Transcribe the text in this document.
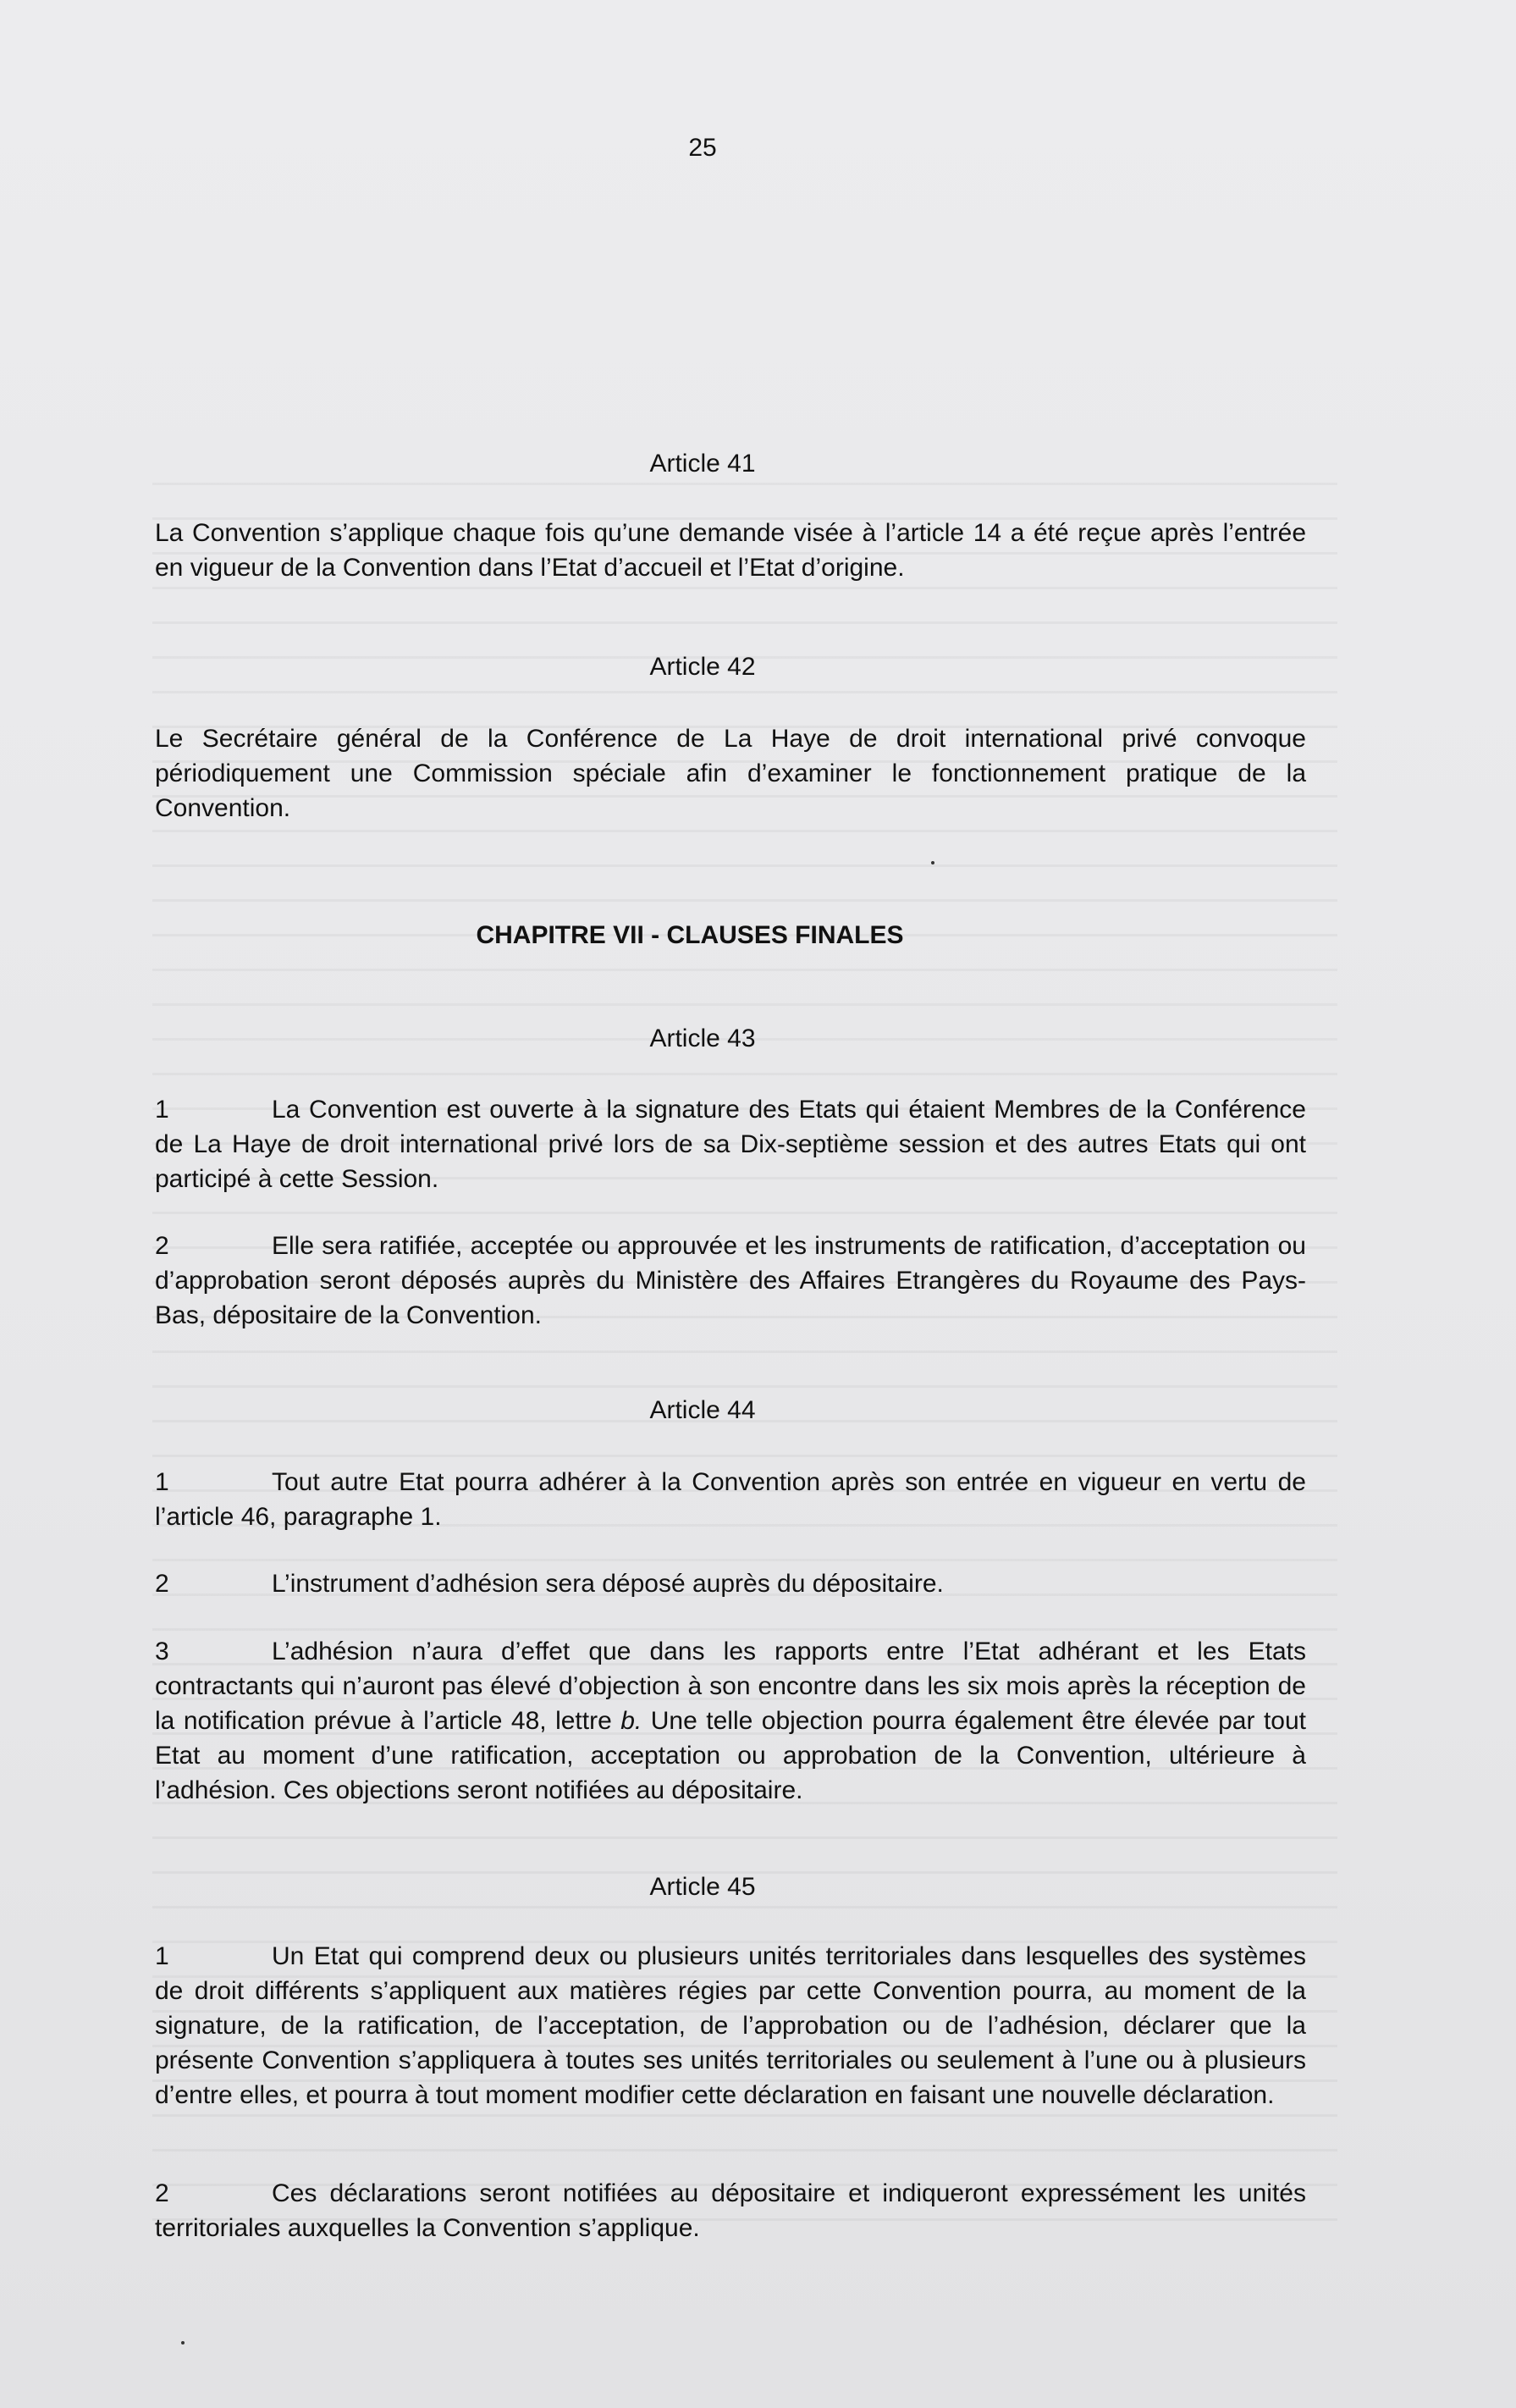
25
Article 41
La Convention s’applique chaque fois qu’une demande visée à l’article 14 a été reçue après l’entrée en vigueur de la Convention dans l’Etat d’accueil et l’Etat d’origine.
Article 42
Le Secrétaire général de la Conférence de La Haye de droit international privé convoque périodiquement une Commission spéciale afin d’examiner le fonctionnement pratique de la Convention.
CHAPITRE VII - CLAUSES FINALES
Article 43
1	La Convention est ouverte à la signature des Etats qui étaient Membres de la Conférence de La Haye de droit international privé lors de sa Dix-septième session et des autres Etats qui ont participé à cette Session.
2	Elle sera ratifiée, acceptée ou approuvée et les instruments de ratification, d’acceptation ou d’approbation seront déposés auprès du Ministère des Affaires Etrangères du Royaume des Pays-Bas, dépositaire de la Convention.
Article 44
1	Tout autre Etat pourra adhérer à la Convention après son entrée en vigueur en vertu de l’article 46, paragraphe 1.
2	L’instrument d’adhésion sera déposé auprès du dépositaire.
3	L’adhésion n’aura d’effet que dans les rapports entre l’Etat adhérant et les Etats contractants qui n’auront pas élevé d’objection à son encontre dans les six mois après la réception de la notification prévue à l’article 48, lettre b. Une telle objection pourra également être élevée par tout Etat au moment d’une ratification, acceptation ou approbation de la Convention, ultérieure à l’adhésion. Ces objections seront notifiées au dépositaire.
Article 45
1	Un Etat qui comprend deux ou plusieurs unités territoriales dans lesquelles des systèmes de droit différents s’appliquent aux matières régies par cette Convention pourra, au moment de la signature, de la ratification, de l’acceptation, de l’approbation ou de l’adhésion, déclarer que la présente Convention s’appliquera à toutes ses unités territoriales ou seulement à l’une ou à plusieurs d’entre elles, et pourra à tout moment modifier cette déclaration en faisant une nouvelle déclaration.
2	Ces déclarations seront notifiées au dépositaire et indiqueront expressément les unités territoriales auxquelles la Convention s’applique.
